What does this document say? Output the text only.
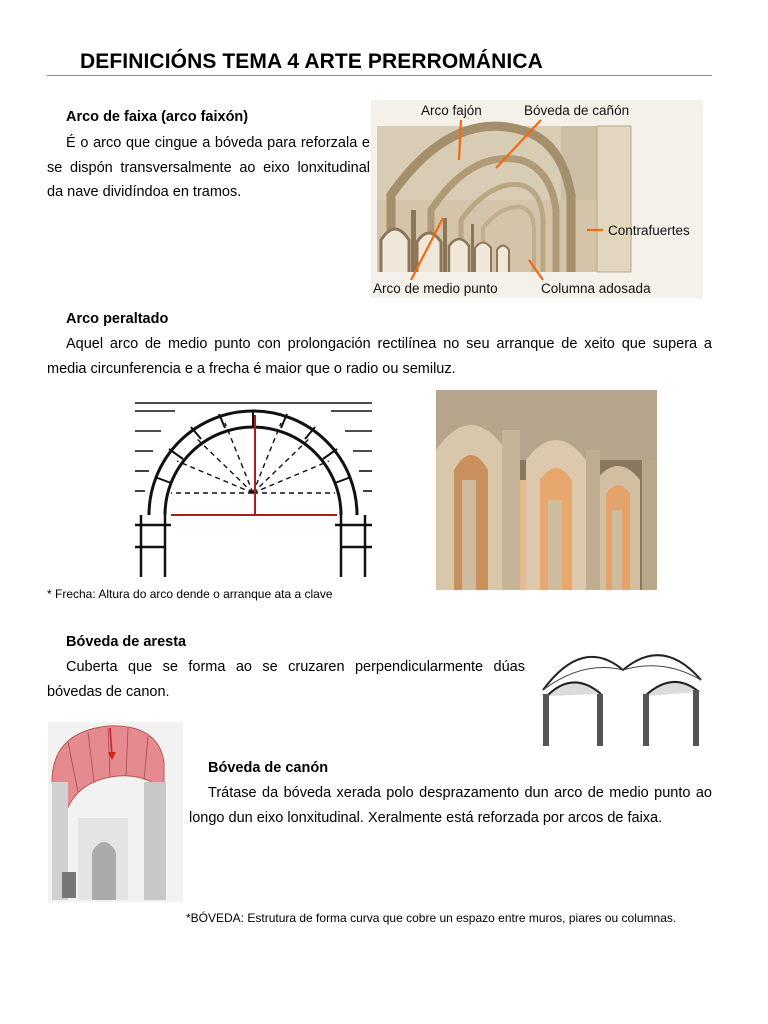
DEFINICIÓNS TEMA 4 ARTE PRERROMÁNICA
Arco de faixa (arco faixón)
É o arco que cingue a bóveda para reforzala e se dispón transversalmente ao eixo lonxitudinal da nave dividíndoa en tramos.
Arco fajón	Bóveda de cañón
Contrafuertes
Arco de medio punto	Columna adosada
Arco peraltado
Aquel arco de medio punto con prolongación rectilínea no seu arranque de xeito que supera a media circunferencia e a frecha é maior que o radio ou semiluz.
* Frecha: Altura do arco dende o arranque ata a clave
Bóveda de aresta
Cuberta que se forma ao se cruzaren perpendicularmente dúas bóvedas de canon.
Bóveda de canón
Trátase da bóveda xerada polo desprazamento dun arco de medio punto ao longo dun eixo lonxitudinal. Xeralmente está reforzada por arcos de faixa.
*BÓVEDA: Estrutura de forma curva que cobre un espazo entre muros, piares ou columnas.
